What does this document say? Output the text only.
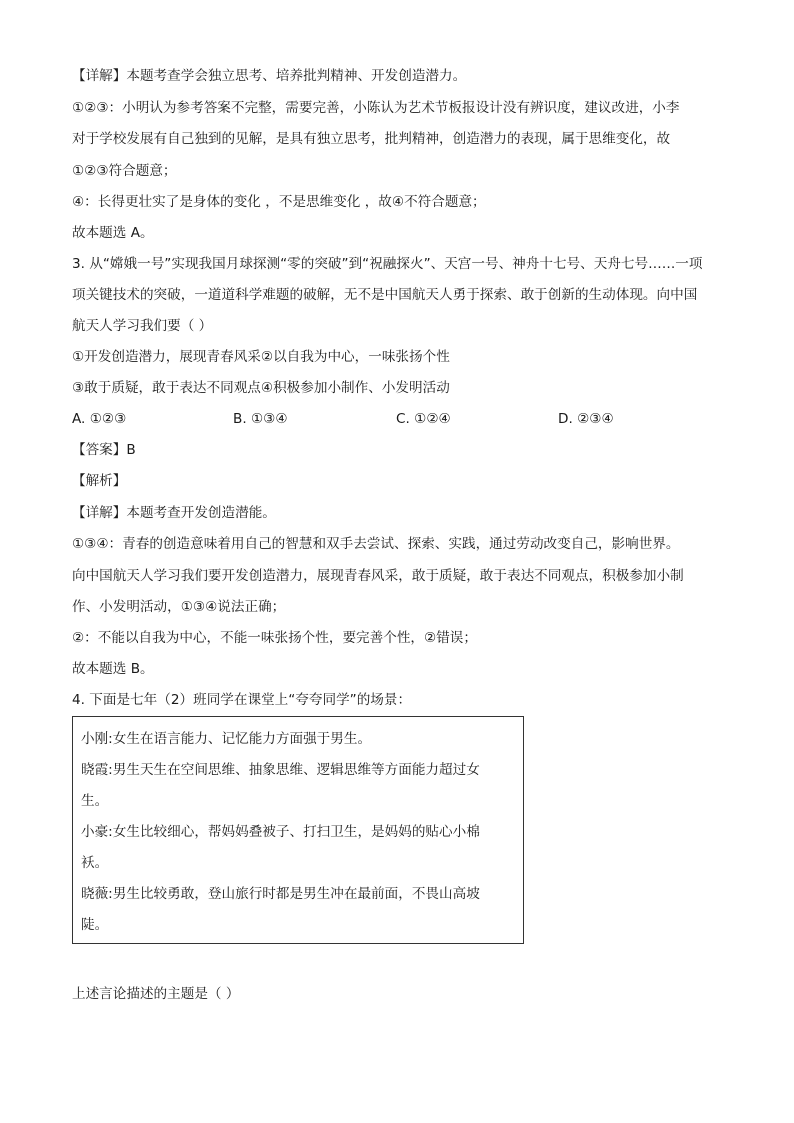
【详解】本题考查学会独立思考、培养批判精神、开发创造潜力。
①②③：小明认为参考答案不完整，需要完善，小陈认为艺术节板报设计没有辨识度，建议改进，小李
对于学校发展有自己独到的见解，是具有独立思考，批判精神，创造潜力的表现，属于思维变化，故
①②③符合题意；
④：长得更壮实了是身体的变化 ，不是思维变化 ，故④不符合题意；
故本题选 A。
3. 从“嫦娥一号”实现我国月球探测“零的突破”到“祝融探火”、天宫一号、神舟十七号、天舟七号……一项
项关键技术的突破，一道道科学难题的破解，无不是中国航天人勇于探索、敢于创新的生动体现。向中国
航天人学习我们要（ ）
①开发创造潜力，展现青春风采②以自我为中心，一味张扬个性
③敢于质疑，敢于表达不同观点④积极参加小制作、小发明活动
A. ①②③	B. ①③④	C. ①②④	D. ②③④
【答案】B
【解析】
【详解】本题考查开发创造潜能。
①③④：青春的创造意味着用自己的智慧和双手去尝试、探索、实践，通过劳动改变自己，影响世界。
向中国航天人学习我们要开发创造潜力，展现青春风采，敢于质疑，敢于表达不同观点，积极参加小制
作、小发明活动，①③④说法正确；
②：不能以自我为中心，不能一味张扬个性，要完善个性，②错误；
故本题选 B。
4. 下面是七年（2）班同学在课堂上“夸夸同学”的场景：
小刚:女生在语言能力、记忆能力方面强于男生。
晓霞:男生天生在空间思维、抽象思维、逻辑思维等方面能力超过女
生。
小豪:女生比较细心，帮妈妈叠被子、打扫卫生，是妈妈的贴心小棉
袄。
晓薇:男生比较勇敢，登山旅行时都是男生冲在最前面，不畏山高坡
陡。
上述言论描述的主题是（ ）
